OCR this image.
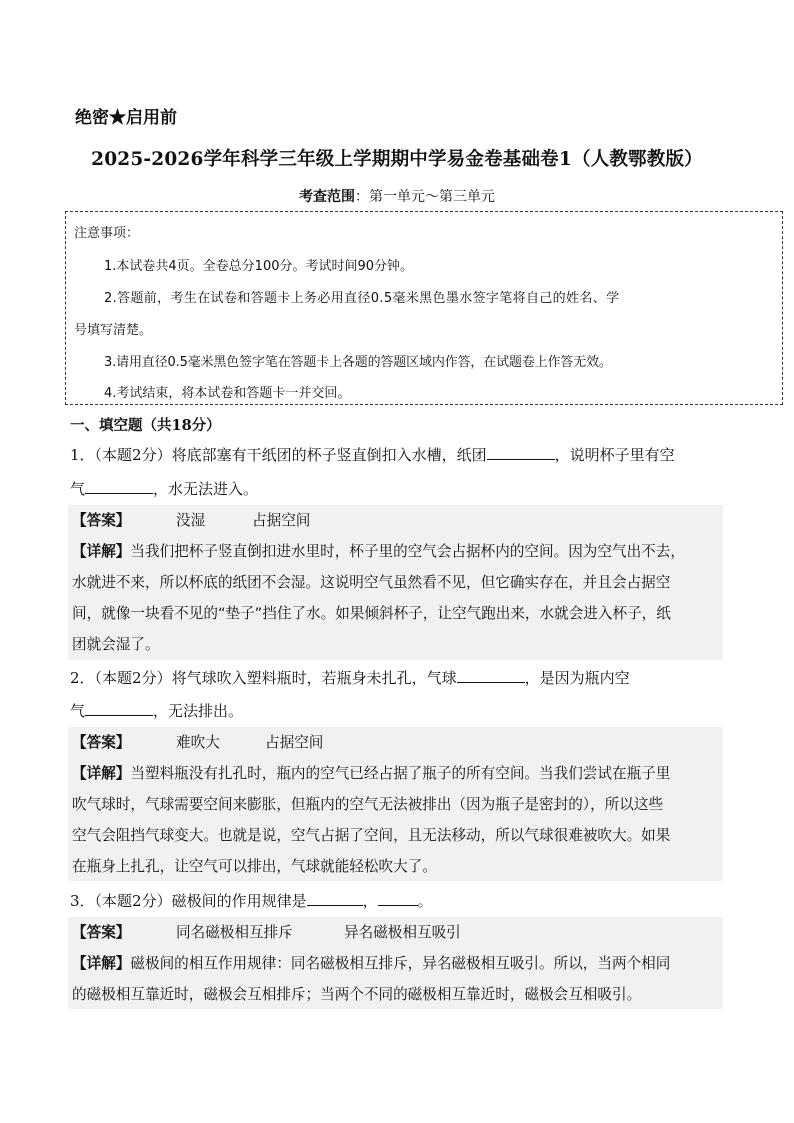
绝密★启用前
2025-2026学年科学三年级上学期期中学易金卷基础卷1（人教鄂教版）
考查范围：第一单元～第三单元
注意事项：
1.本试卷共4页。全卷总分100分。考试时间90分钟。
2.答题前，考生在试卷和答题卡上务必用直径0.5毫米黑色墨水签字笔将自己的姓名、学
号填写清楚。
3.请用直径0.5毫米黑色签字笔在答题卡上各题的答题区域内作答，在试题卷上作答无效。
4.考试结束，将本试卷和答题卡一并交回。
一、填空题（共18分）
1．（本题2分）将底部塞有干纸团的杯子竖直倒扣入水槽，纸团	，说明杯子里有空
气	，水无法进入。
【答案】	没湿	占据空间
【详解】当我们把杯子竖直倒扣进水里时，杯子里的空气会占据杯内的空间。因为空气出不去，
水就进不来，所以杯底的纸团不会湿。这说明空气虽然看不见，但它确实存在，并且会占据空
间，就像一块看不见的“垫子”挡住了水。如果倾斜杯子，让空气跑出来，水就会进入杯子，纸
团就会湿了。
2．（本题2分）将气球吹入塑料瓶时，若瓶身未扎孔，气球	，是因为瓶内空
气	，无法排出。
【答案】	难吹大	占据空间
【详解】当塑料瓶没有扎孔时，瓶内的空气已经占据了瓶子的所有空间。当我们尝试在瓶子里
吹气球时，气球需要空间来膨胀，但瓶内的空气无法被排出（因为瓶子是密封的），所以这些
空气会阻挡气球变大。也就是说，空气占据了空间，且无法移动，所以气球很难被吹大。如果
在瓶身上扎孔，让空气可以排出，气球就能轻松吹大了。
3．（本题2分）磁极间的作用规律是	，	。
【答案】	同名磁极相互排斥	异名磁极相互吸引
【详解】磁极间的相互作用规律：同名磁极相互排斥，异名磁极相互吸引。所以，当两个相同
的磁极相互靠近时，磁极会互相排斥；当两个不同的磁极相互靠近时，磁极会互相吸引。
